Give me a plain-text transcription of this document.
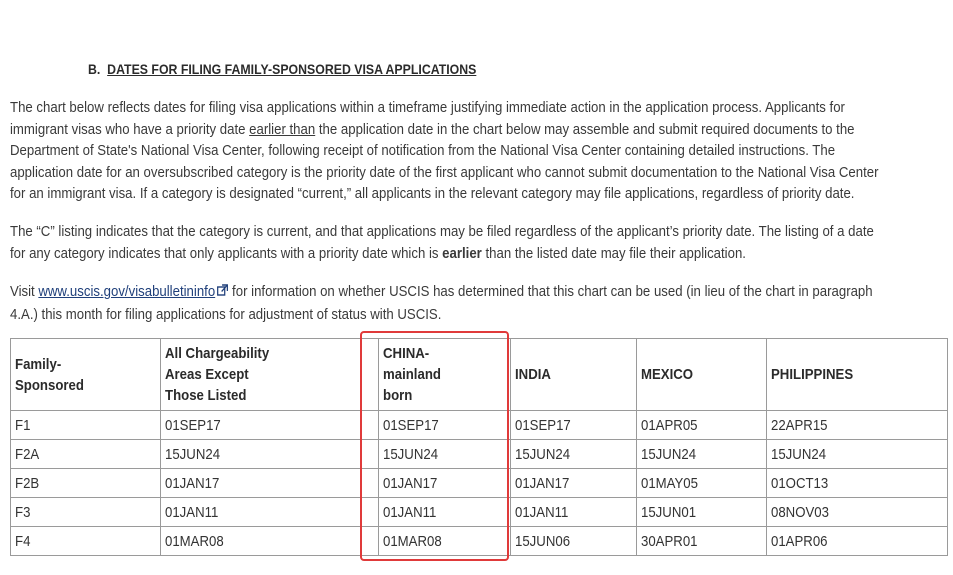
B. DATES FOR FILING FAMILY-SPONSORED VISA APPLICATIONS
The chart below reflects dates for filing visa applications within a timeframe justifying immediate action in the application process. Applicants for
immigrant visas who have a priority date earlier than the application date in the chart below may assemble and submit required documents to the
Department of State's National Visa Center, following receipt of notification from the National Visa Center containing detailed instructions. The
application date for an oversubscribed category is the priority date of the first applicant who cannot submit documentation to the National Visa Center
for an immigrant visa. If a category is designated “current,” all applicants in the relevant category may file applications, regardless of priority date.
The “C” listing indicates that the category is current, and that applications may be filed regardless of the applicant’s priority date. The listing of a date
for any category indicates that only applicants with a priority date which is earlier than the listed date may file their application.
Visit www.uscis.gov/visabulletininfo for information on whether USCIS has determined that this chart can be used (in lieu of the chart in paragraph
4.A.) this month for filing applications for adjustment of status with USCIS.
Family-
Sponsored	All Chargeability
Areas Except
Those Listed	CHINA-
mainland
born	INDIA	MEXICO	PHILIPPINES

F1	01SEP17	01SEP17	01SEP17	01APR05	22APR15
F2A	15JUN24	15JUN24	15JUN24	15JUN24	15JUN24
F2B	01JAN17	01JAN17	01JAN17	01MAY05	01OCT13
F3	01JAN11	01JAN11	01JAN11	15JUN01	08NOV03
F4	01MAR08	01MAR08	15JUN06	30APR01	01APR06
